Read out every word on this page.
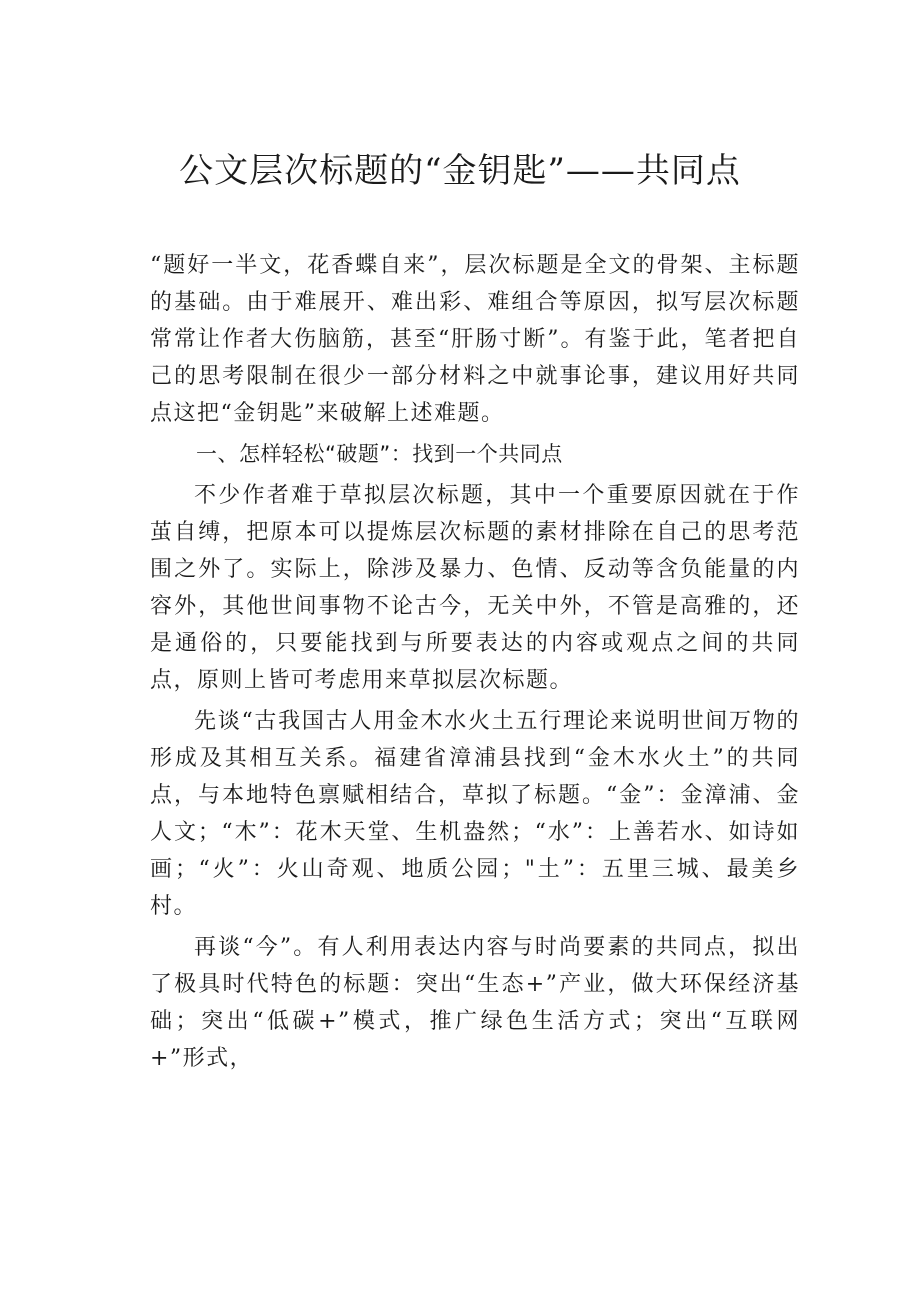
公文层次标题的“金钥匙”——共同点

“题好一半文，花香蝶自来”，层次标题是全文的骨架、主标题的基础。由于难展开、难出彩、难组合等原因，拟写层次标题常常让作者大伤脑筋，甚至“肝肠寸断”。有鉴于此，笔者把自己的思考限制在很少一部分材料之中就事论事，建议用好共同点这把“金钥匙”来破解上述难题。

一、怎样轻松“破题”：找到一个共同点

不少作者难于草拟层次标题，其中一个重要原因就在于作茧自缚，把原本可以提炼层次标题的素材排除在自己的思考范围之外了。实际上，除涉及暴力、色情、反动等含负能量的内容外，其他世间事物不论古今，无关中外，不管是高雅的，还是通俗的，只要能找到与所要表达的内容或观点之间的共同点，原则上皆可考虑用来草拟层次标题。

先谈“古我国古人用金木水火土五行理论来说明世间万物的形成及其相互关系。福建省漳浦县找到“金木水火土”的共同点，与本地特色禀赋相结合，草拟了标题。“金”：金漳浦、金人文；“木”：花木天堂、生机盎然；“水”：上善若水、如诗如画；“火”：火山奇观、地质公园；"土”：五里三城、最美乡村。

再谈“今”。有人利用表达内容与时尚要素的共同点，拟出了极具时代特色的标题：突出“生态+”产业，做大环保经济基础；突出“低碳+”模式，推广绿色生活方式；突出“互联网+”形式，
